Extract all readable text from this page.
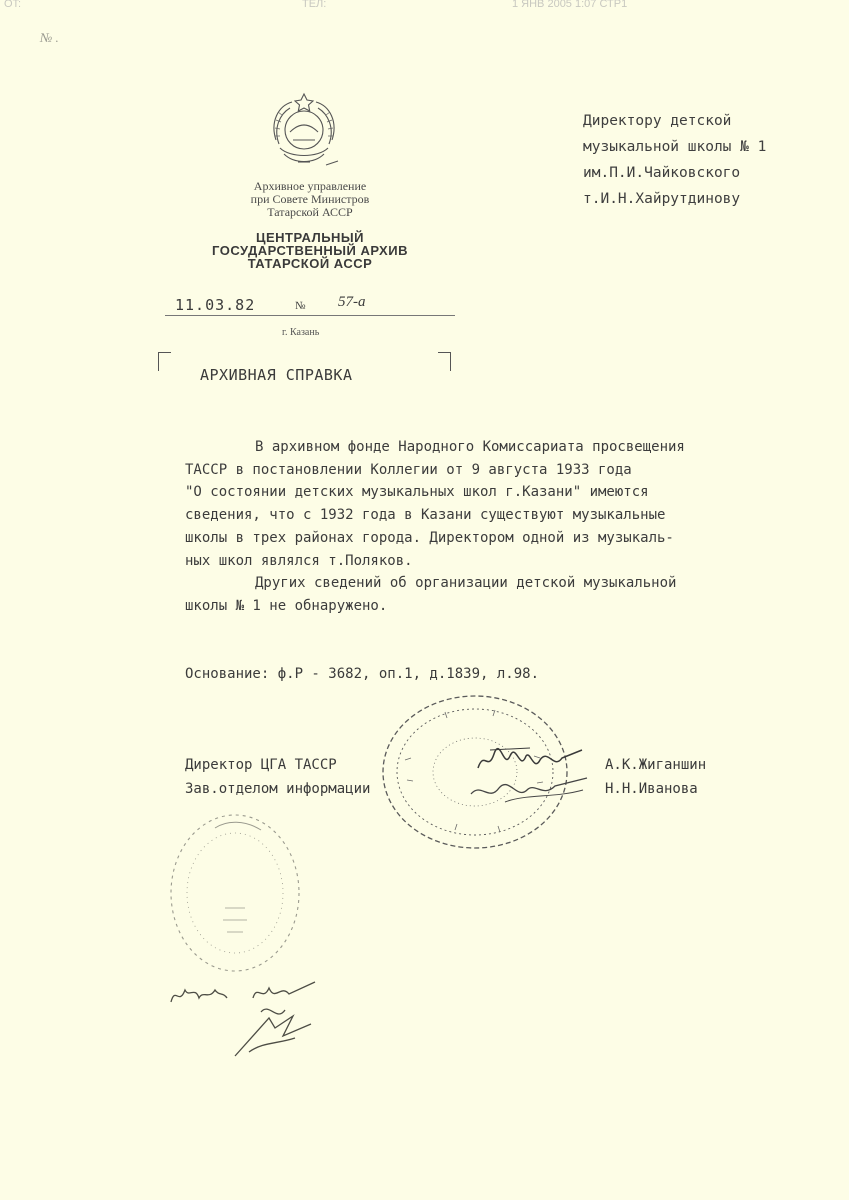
OT:	TEЛ:	1 ЯНВ 2005 1:07 СТР1
№ .
Архивное управление
при Совете Министров
Татарской АССР
ЦЕНТРАЛЬНЫЙ
ГОСУДАРСТВЕННЫЙ АРХИВ
ТАТАРСКОЙ АССР
11.03.82	№ 57-а
г. Казань
Директору детской
музыкальной школы № 1
им.П.И.Чайковского
т.И.Н.Хайрутдинову
АРХИВНАЯ СПРАВКА

В архивном фонде Народного Комиссариата просвещения

ТАССР в постановлении Коллегии от 9 августа 1933 года

"О состоянии детских музыкальных школ г.Казани" имеются

сведения, что с 1932 года в Казани существуют музыкальные

школы в трех районах города. Директором одной из музыкаль-

ных школ являлся т.Поляков.

Других сведений об организации детской музыкальной

школы № 1 не обнаружено.

Основание: ф.Р - 3682, оп.1, д.1839, л.98.
Директор ЦГА ТАССР	А.К.Жиганшин
Зав.отделом информации	Н.Н.Иванова
